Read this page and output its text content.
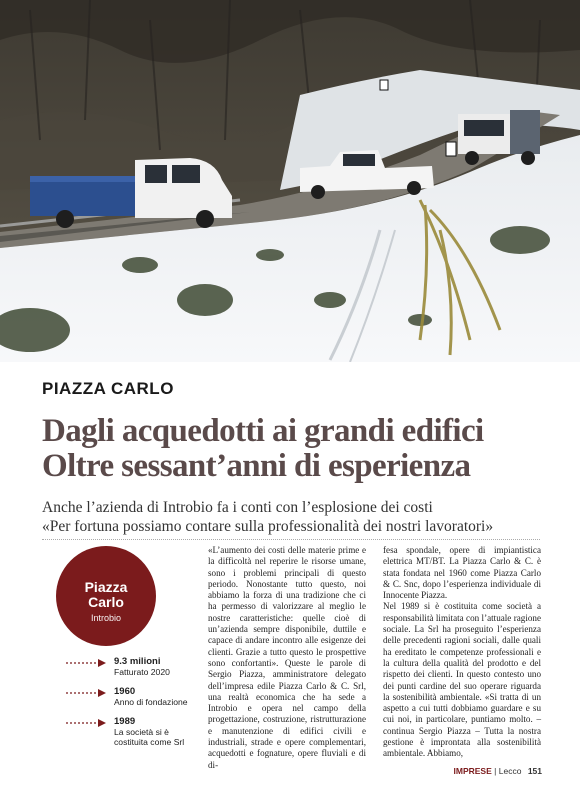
PIAZZA CARLO
Dagli acquedotti ai grandi edifici
Oltre sessant’anni di esperienza
Anche l’azienda di Introbio fa i conti con l’esplosione dei costi
«Per fortuna possiamo contare sulla professionalità dei nostri lavoratori»
Piazza
Carlo
Introbio
9.3 milioni
Fatturato 2020
1960
Anno di fondazione
1989
La società si è costituita come Srl

«L’aumento dei costi delle materie prime e la difficoltà nel reperire le risorse umane, sono i problemi principali di questo periodo. Nonostante tutto questo, noi abbiamo la forza di una tradizione che ci ha permesso di valorizzare al meglio le nostre caratteristiche: quelle cioè di un’azienda sempre disponibile, duttile e capace di andare incontro alle esigenze dei clienti. Grazie a tutto questo le prospettive sono confortanti». Queste le parole di Sergio Piazza, amministratore delegato dell’impresa edile Piazza Carlo & C. Srl, una realtà economica che ha sede a Introbio e opera nel campo della progettazione, costruzione, ristrutturazione e manutenzione di edifici civili e industriali, strade e opere complementari, acquedotti e fognature, opere fluviali e di di-

fesa spondale, opere di impiantistica elettrica MT/BT. La Piazza Carlo & C. è stata fondata nel 1960 come Piazza Carlo & C. Snc, dopo l’esperienza individuale di Innocente Piazza.

Nel 1989 si è costituita come società a responsabilità limitata con l’attuale ragione sociale. La Srl ha proseguito l’esperienza delle precedenti ragioni sociali, dalle quali ha ereditato le competenze professionali e la cultura della qualità del prodotto e del rispetto dei clienti. In questo contesto uno dei punti cardine del suo operare riguarda la sostenibilità ambientale. «Si tratta di un aspetto a cui tutti dobbiamo guardare e su cui noi, in particolare, puntiamo molto. – continua Sergio Piazza – Tutta la nostra gestione è improntata alla sostenibilità ambientale. Abbiamo,

IMPRESE | Lecco 151
